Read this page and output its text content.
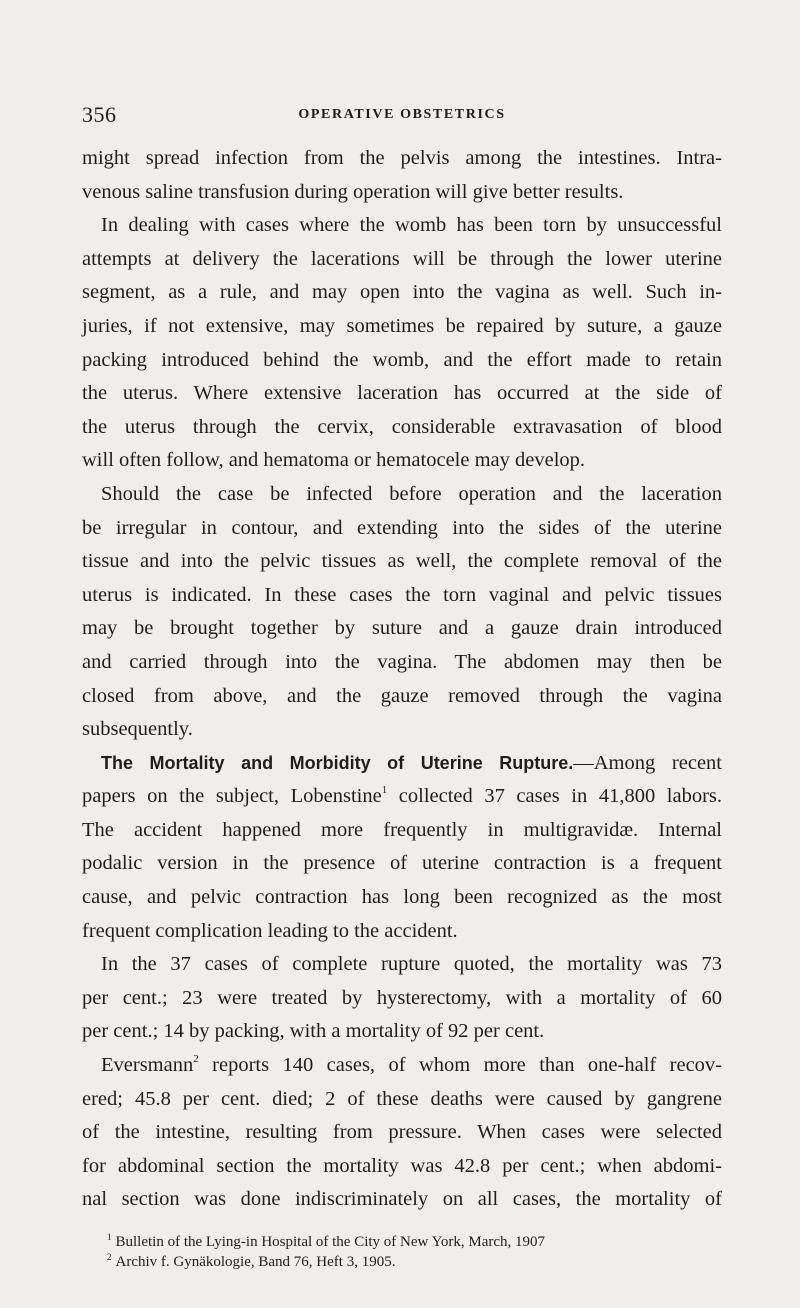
356	OPERATIVE OBSTETRICS
might spread infection from the pelvis among the intestines. Intra-
venous saline transfusion during operation will give better results.
In dealing with cases where the womb has been torn by unsuccessful
attempts at delivery the lacerations will be through the lower uterine
segment, as a rule, and may open into the vagina as well. Such in-
juries, if not extensive, may sometimes be repaired by suture, a gauze
packing introduced behind the womb, and the effort made to retain
the uterus. Where extensive laceration has occurred at the side of
the uterus through the cervix, considerable extravasation of blood
will often follow, and hematoma or hematocele may develop.
Should the case be infected before operation and the laceration
be irregular in contour, and extending into the sides of the uterine
tissue and into the pelvic tissues as well, the complete removal of the
uterus is indicated. In these cases the torn vaginal and pelvic tissues
may be brought together by suture and a gauze drain introduced
and carried through into the vagina. The abdomen may then be
closed from above, and the gauze removed through the vagina
subsequently.
The Mortality and Morbidity of Uterine Rupture.—Among recent
papers on the subject, Lobenstine$^1$ collected 37 cases in 41,800 labors.
The accident happened more frequently in multigravidæ. Internal
podalic version in the presence of uterine contraction is a frequent
cause, and pelvic contraction has long been recognized as the most
frequent complication leading to the accident.
In the 37 cases of complete rupture quoted, the mortality was 73
per cent.; 23 were treated by hysterectomy, with a mortality of 60
per cent.; 14 by packing, with a mortality of 92 per cent.
Eversmann$^2$ reports 140 cases, of whom more than one-half recov-
ered; 45.8 per cent. died; 2 of these deaths were caused by gangrene
of the intestine, resulting from pressure. When cases were selected
for abdominal section the mortality was 42.8 per cent.; when abdomi-
nal section was done indiscriminately on all cases, the mortality of
$^1$ Bulletin of the Lying-in Hospital of the City of New York, March, 1907
$^2$ Archiv f. Gynäkologie, Band 76, Heft 3, 1905.
